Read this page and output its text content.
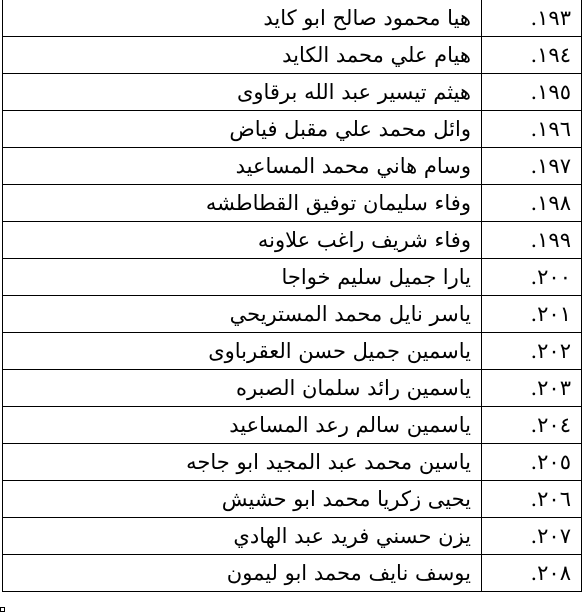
١٩٣.	هيا محمود صالح ابو كايد
١٩٤.	هيام علي محمد الكايد
١٩٥.	هيثم تيسير عبد الله برقاوى
١٩٦.	وائل محمد علي مقبل فياض
١٩٧.	وسام هاني محمد المساعيد
١٩٨.	وفاء سليمان توفيق القطاطشه
١٩٩.	وفاء شريف راغب علاونه
٢٠٠.	يارا جميل سليم خواجا
٢٠١.	ياسر نايل محمد المستريحي
٢٠٢.	ياسمين جميل حسن العقرباوى
٢٠٣.	ياسمين رائد سلمان الصبره
٢٠٤.	ياسمين سالم رعد المساعيد
٢٠٥.	ياسين محمد عبد المجيد ابو جاجه
٢٠٦.	يحيى زكريا محمد ابو حشيش
٢٠٧.	يزن حسني فريد عبد الهادي
٢٠٨.	يوسف نايف محمد ابو ليمون
